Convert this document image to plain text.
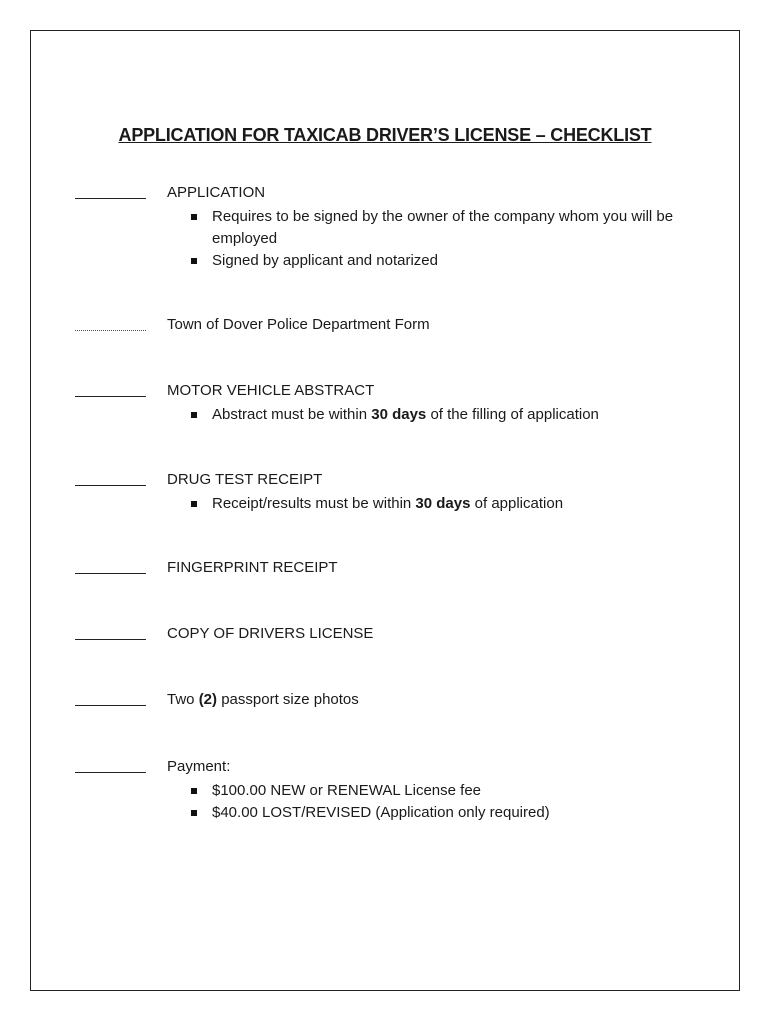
APPLICATION FOR TAXICAB DRIVER’S LICENSE – CHECKLIST
APPLICATION
Requires to be signed by the owner of the company whom you will be employed
Signed by applicant and notarized
Town of Dover Police Department Form
MOTOR VEHICLE ABSTRACT
Abstract must be within 30 days of the filling of application
DRUG TEST RECEIPT
Receipt/results must be within 30 days of application
FINGERPRINT RECEIPT
COPY OF DRIVERS LICENSE
Two (2) passport size photos
Payment:
$100.00 NEW or RENEWAL License fee
$40.00 LOST/REVISED (Application only required)
